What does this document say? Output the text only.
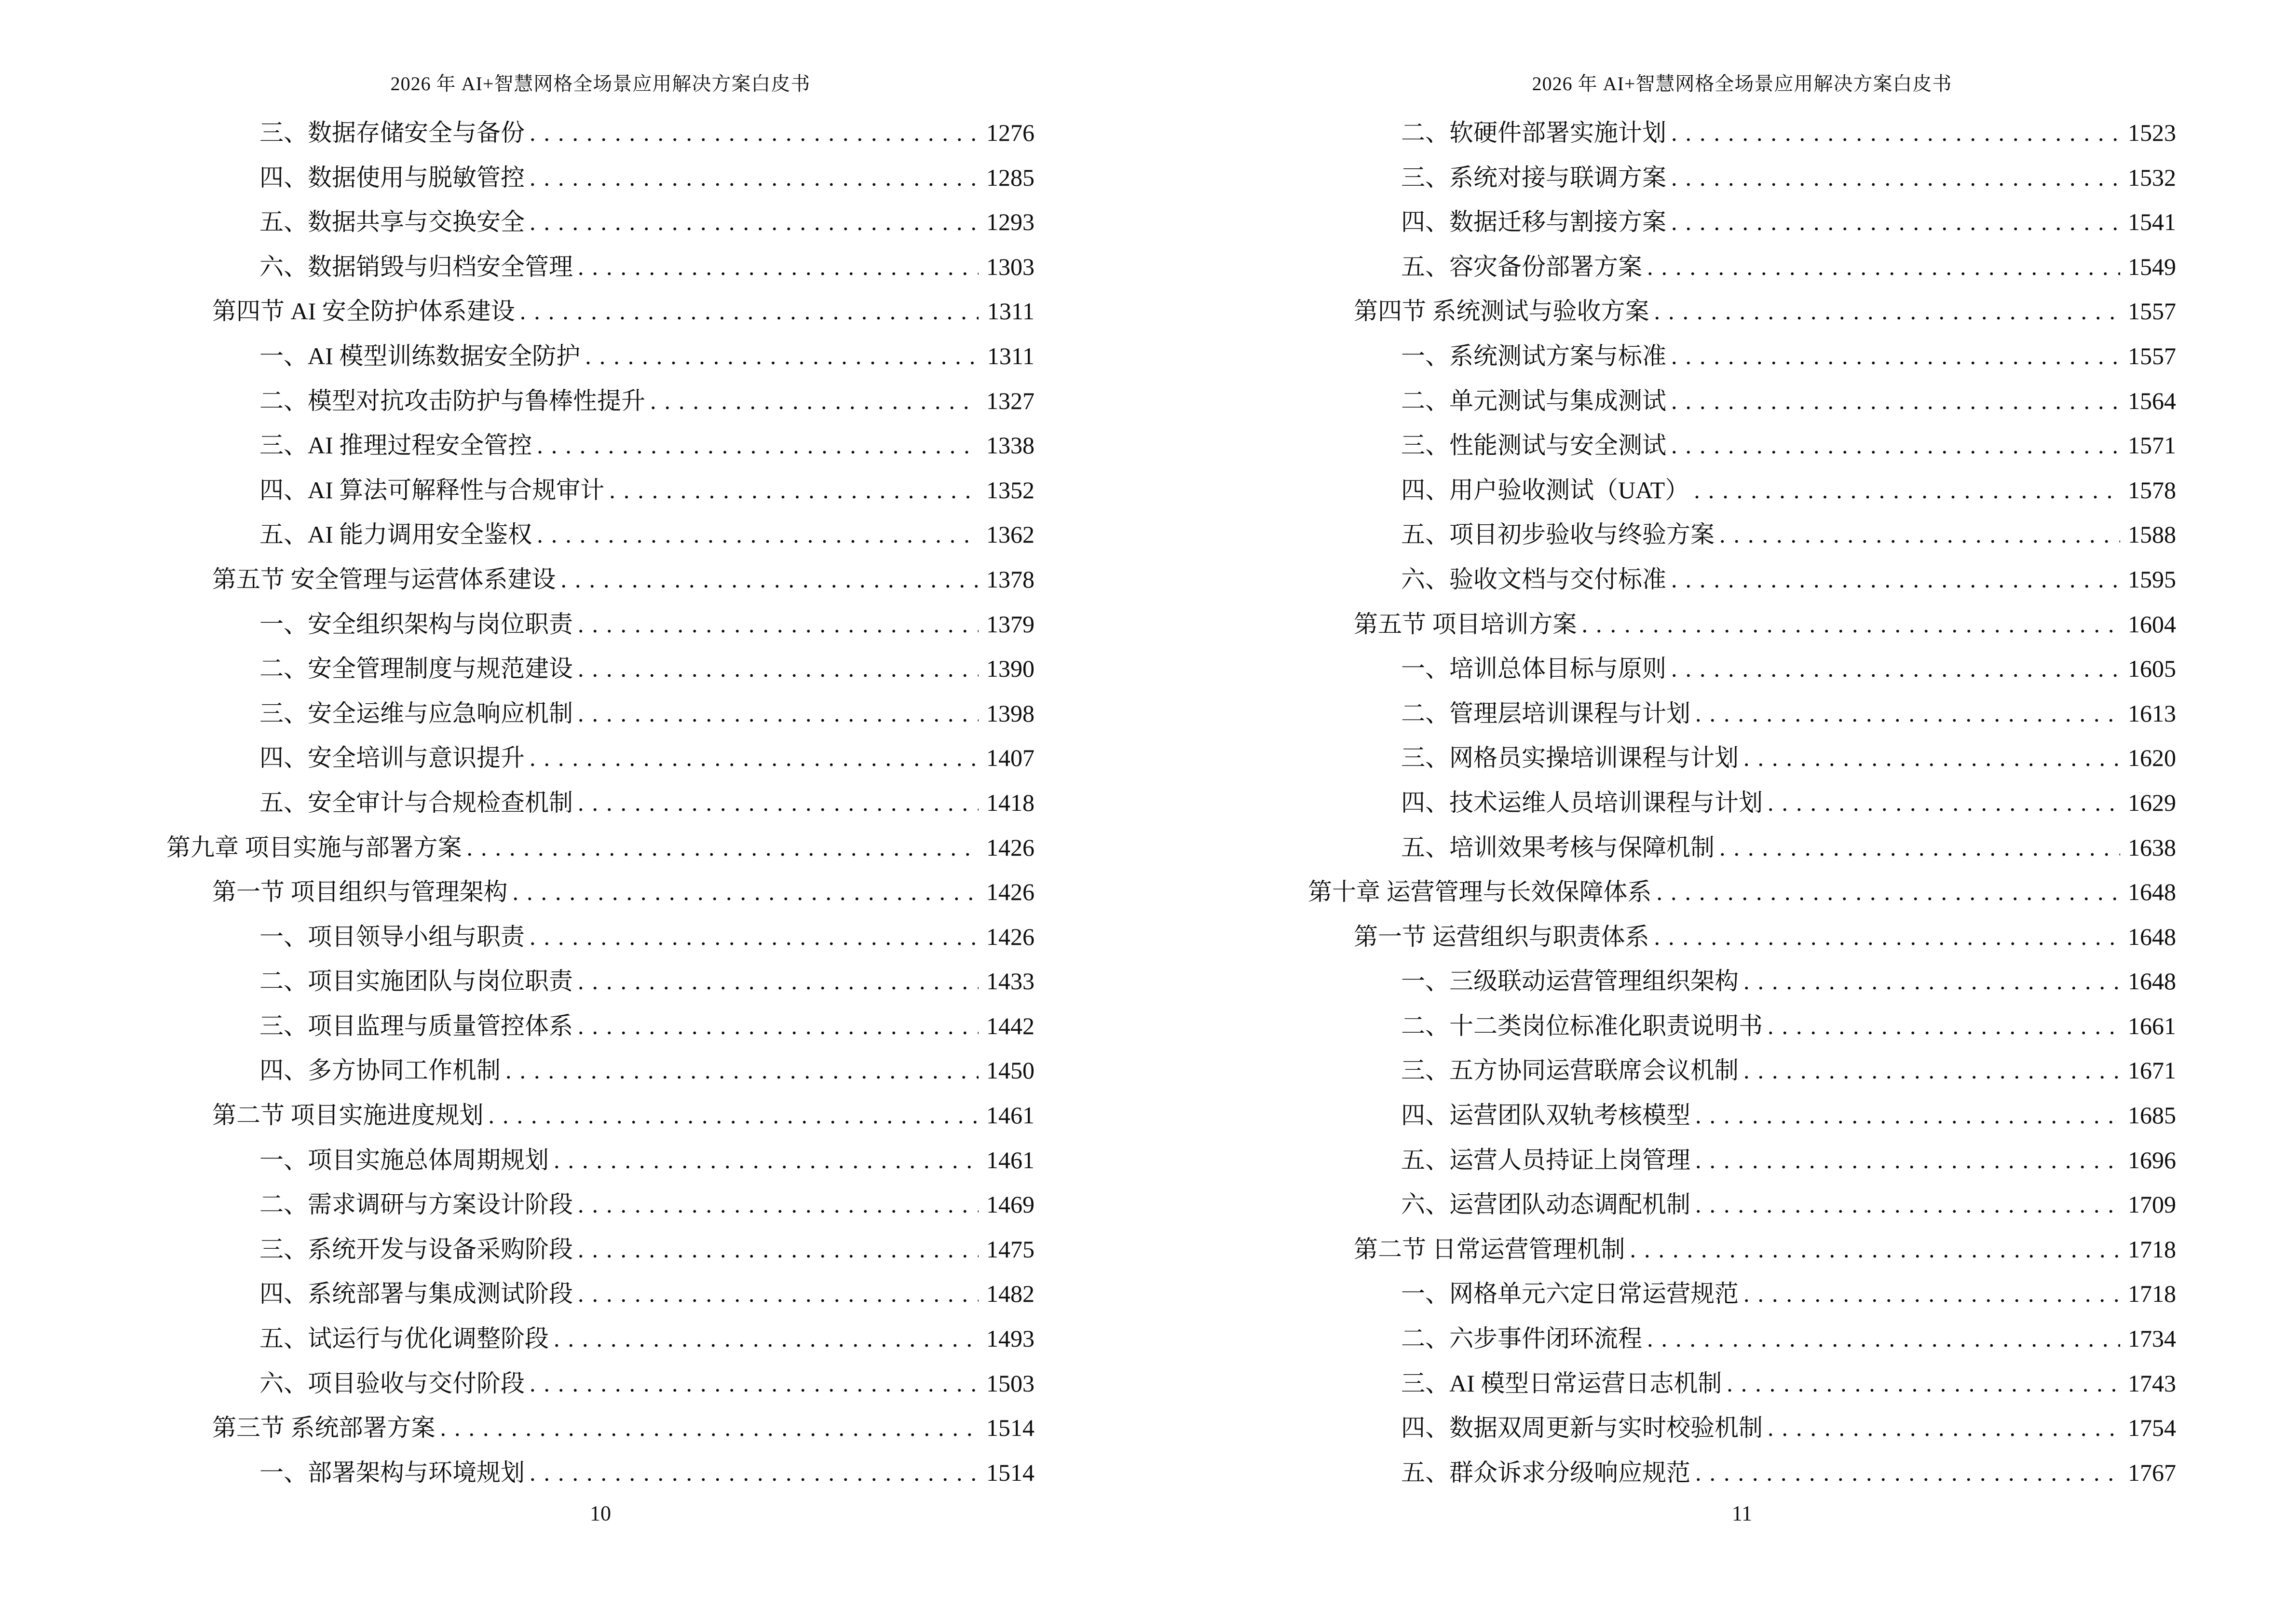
2026 年 AI+智慧网格全场景应用解决方案白皮书
三、数据存储安全与备份 .....	1276
四、数据使用与脱敏管控 .....	1285
五、数据共享与交换安全 .....	1293
六、数据销毁与归档安全管理 .....	1303
第四节 AI 安全防护体系建设 .....	1311
一、AI 模型训练数据安全防护 .....	1311
二、模型对抗攻击防护与鲁棒性提升 .....	1327
三、AI 推理过程安全管控 .....	1338
四、AI 算法可解释性与合规审计 .....	1352
五、AI 能力调用安全鉴权 .....	1362
第五节 安全管理与运营体系建设 .....	1378
一、安全组织架构与岗位职责 .....	1379
二、安全管理制度与规范建设 .....	1390
三、安全运维与应急响应机制 .....	1398
四、安全培训与意识提升 .....	1407
五、安全审计与合规检查机制 .....	1418
第九章 项目实施与部署方案 .....	1426
第一节 项目组织与管理架构 .....	1426
一、项目领导小组与职责 .....	1426
二、项目实施团队与岗位职责 .....	1433
三、项目监理与质量管控体系 .....	1442
四、多方协同工作机制 .....	1450
第二节 项目实施进度规划 .....	1461
一、项目实施总体周期规划 .....	1461
二、需求调研与方案设计阶段 .....	1469
三、系统开发与设备采购阶段 .....	1475
四、系统部署与集成测试阶段 .....	1482
五、试运行与优化调整阶段 .....	1493
六、项目验收与交付阶段 .....	1503
第三节 系统部署方案 .....	1514
一、部署架构与环境规划 .....	1514
10
2026 年 AI+智慧网格全场景应用解决方案白皮书
二、软硬件部署实施计划 .....	1523
三、系统对接与联调方案 .....	1532
四、数据迁移与割接方案 .....	1541
五、容灾备份部署方案 .....	1549
第四节 系统测试与验收方案 .....	1557
一、系统测试方案与标准 .....	1557
二、单元测试与集成测试 .....	1564
三、性能测试与安全测试 .....	1571
四、用户验收测试（UAT） .....	1578
五、项目初步验收与终验方案 .....	1588
六、验收文档与交付标准 .....	1595
第五节 项目培训方案 .....	1604
一、培训总体目标与原则 .....	1605
二、管理层培训课程与计划 .....	1613
三、网格员实操培训课程与计划 .....	1620
四、技术运维人员培训课程与计划 .....	1629
五、培训效果考核与保障机制 .....	1638
第十章 运营管理与长效保障体系 .....	1648
第一节 运营组织与职责体系 .....	1648
一、三级联动运营管理组织架构 .....	1648
二、十二类岗位标准化职责说明书 .....	1661
三、五方协同运营联席会议机制 .....	1671
四、运营团队双轨考核模型 .....	1685
五、运营人员持证上岗管理 .....	1696
六、运营团队动态调配机制 .....	1709
第二节 日常运营管理机制 .....	1718
一、网格单元六定日常运营规范 .....	1718
二、六步事件闭环流程 .....	1734
三、AI 模型日常运营日志机制 .....	1743
四、数据双周更新与实时校验机制 .....	1754
五、群众诉求分级响应规范 .....	1767
11
